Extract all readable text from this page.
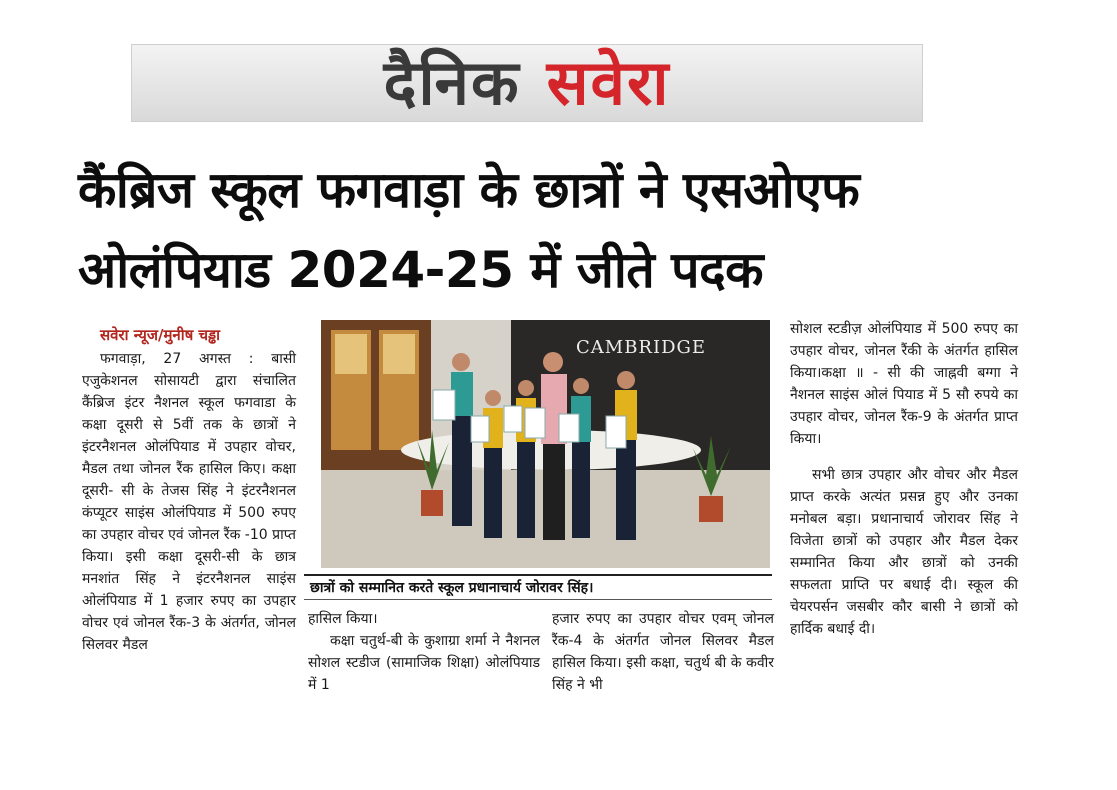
दैनिक सवेरा
कैंब्रिज स्कूल फगवाड़ा के छात्रों ने एसओएफ
ओलंपियाड 2024-25 में जीते पदक

सवेरा न्यूज/मुनीष चड्ढा

फगवाड़ा, 27 अगस्त : बासी एजुकेशनल सोसायटी द्वारा संचालित कैंब्रिज इंटर नैशनल स्कूल फगवाडा के कक्षा दूसरी से 5वीं तक के छात्रों ने इंटरनैशनल ओलंपियाड में उपहार वोचर, मैडल तथा जोनल रैंक हासिल किए। कक्षा दूसरी- सी के तेजस सिंह ने इंटरनैशनल कंप्यूटर साइंस ओलंपियाड में 500 रुपए का उपहार वोचर एवं जोनल रैंक -10 प्राप्त किया। इसी कक्षा दूसरी-सी के छात्र मनशांत सिंह ने इंटरनैशनल साइंस ओलंपियाड में 1 हजार रुपए का उपहार वोचर एवं जोनल रैंक-3 के अंतर्गत, जोनल सिलवर मैडल

CAMBRIDGE
छात्रों को सम्मानित करते स्कूल प्रधानाचार्य जोरावर सिंह।

हासिल किया।

कक्षा चतुर्थ-बी के कुशाग्रा शर्मा ने नैशनल सोशल स्टडीज (सामाजिक शिक्षा) ओलंपियाड में 1

हजार रुपए का उपहार वोचर एवम् जोनल रैंक-4 के अंतर्गत जोनल सिलवर मैडल हासिल किया। इसी कक्षा, चतुर्थ बी के कवीर सिंह ने भी

सोशल स्टडीज़ ओलंपियाड में 500 रुपए का उपहार वोचर, जोनल रैंकी के अंतर्गत हासिल किया।कक्षा ॥ - सी की जाह्नवी बग्गा ने नैशनल साइंस ओलं पियाड में 5 सौ रुपये का उपहार वोचर, जोनल रैंक-9 के अंतर्गत प्राप्त किया।

सभी छात्र उपहार और वोचर और मैडल प्राप्त करके अत्यंत प्रसन्न हुए और उनका मनोबल बड़ा। प्रधानाचार्य जोरावर सिंह ने विजेता छात्रों को उपहार और मैडल देकर सम्मानित किया और छात्रों को उनकी सफलता प्राप्ति पर बधाई दी। स्कूल की चेयरपर्सन जसबीर कौर बासी ने छात्रों को हार्दिक बधाई दी।
